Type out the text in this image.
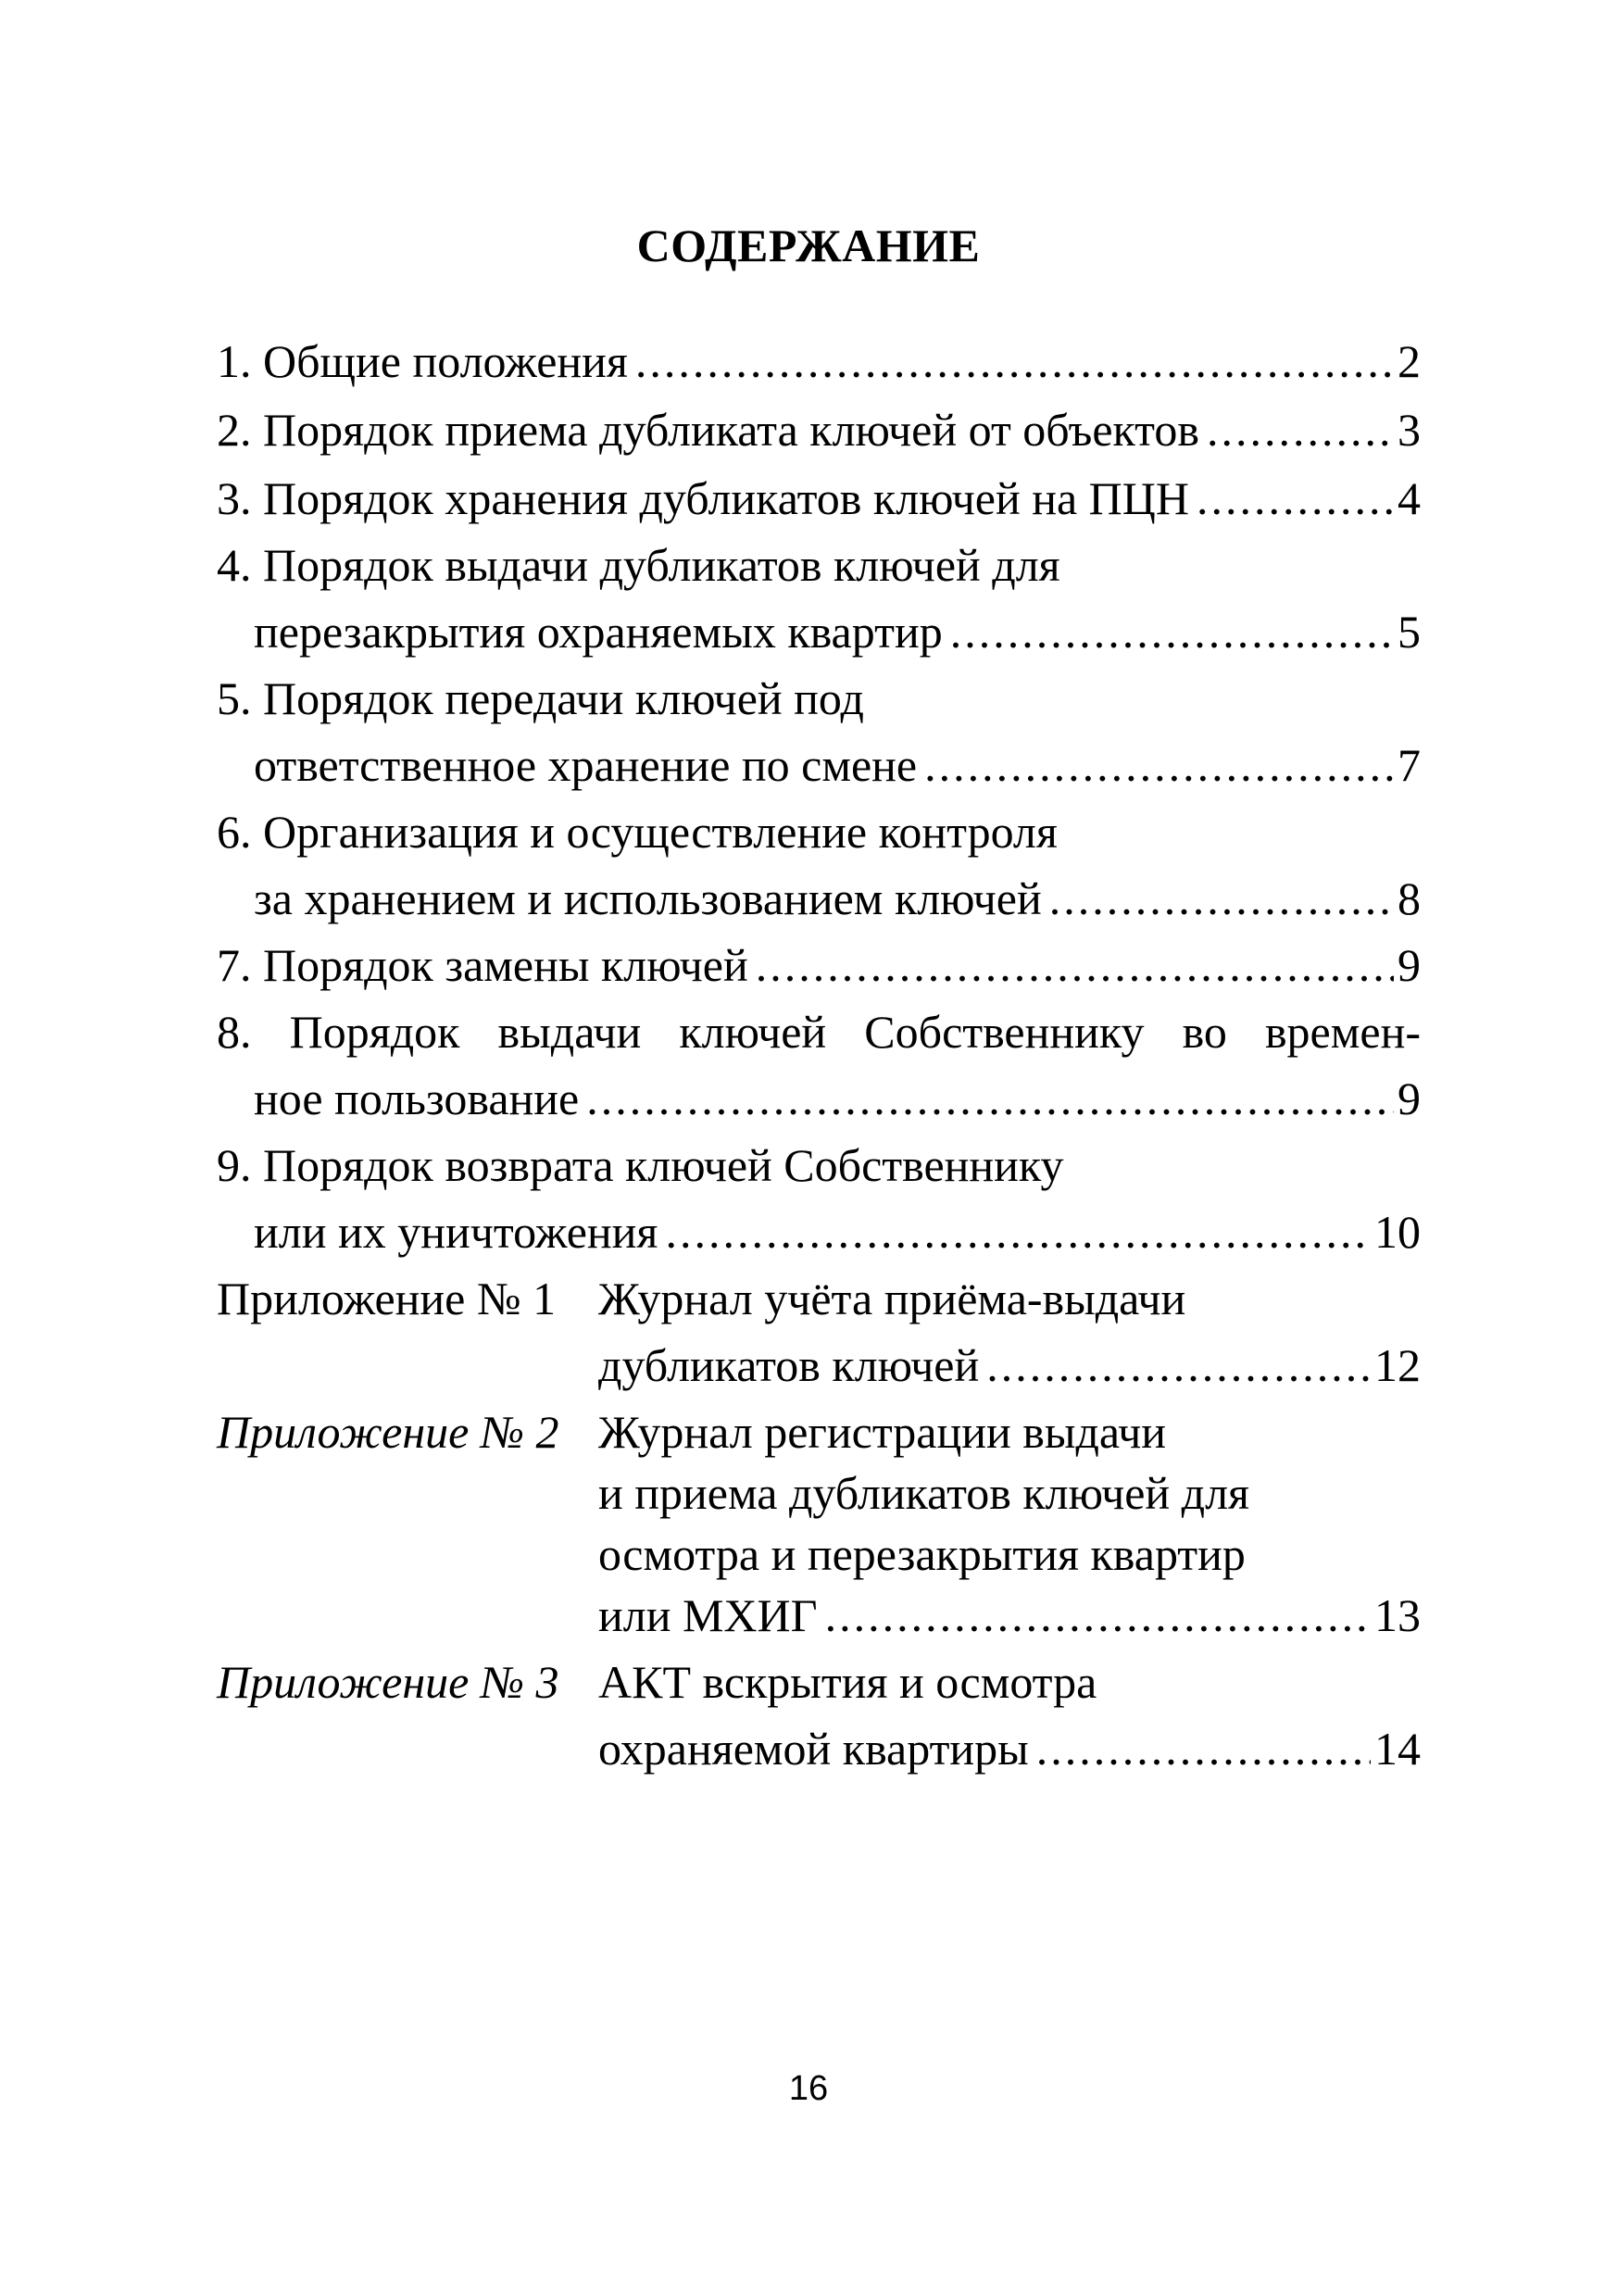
СОДЕРЖАНИЕ
1. Общие положения .....	2
2. Порядок приема дубликата ключей от объектов .....	3
3. Порядок хранения дубликатов ключей на ПЦН .....	4
4. Порядок выдачи дубликатов ключей для
перезакрытия охраняемых квартир .....	5
5. Порядок передачи ключей под
ответственное хранение по смене .....	7
6. Организация и осуществление контроля
за хранением и использованием ключей .....	8
7. Порядок замены ключей .....	9
8. Порядок выдачи ключей Собственнику во времен-
ное пользование .....	9
9. Порядок возврата ключей Собственнику
или их уничтожения .....	10
Приложение № 1 Журнал учёта приёма-выдачи
дубликатов ключей .....	12
Приложение № 2 Журнал регистрации выдачи
и приема дубликатов ключей для
осмотра и перезакрытия квартир
или МХИГ .....	13
Приложение № 3 АКТ вскрытия и осмотра
охраняемой квартиры .....	14
16
